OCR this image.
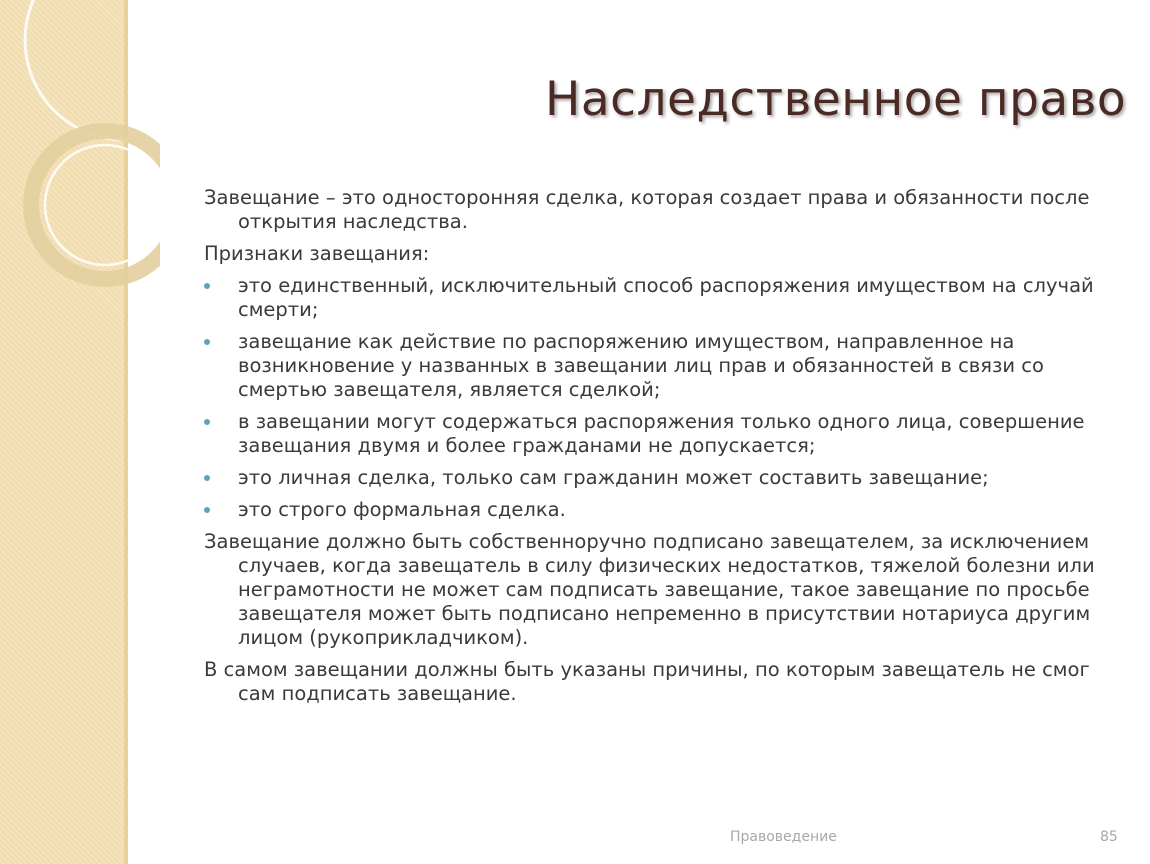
Наследственное право

Завещание – это односторонняя сделка, которая создает права и обязанности после открытия наследства.

Признаки завещания:

это единственный, исключительный способ распоряжения имуществом на случай смерти;
завещание как действие по распоряжению имуществом, направленное на возникновение у названных в завещании лиц прав и обязанностей в связи со смертью завещателя, является сделкой;
в завещании могут содержаться распоряжения только одного лица, совершение завещания двумя и более гражданами не допускается;
это личная сделка, только сам гражданин может составить завещание;
это строго формальная сделка.

Завещание должно быть собственноручно подписано завещателем, за исключением случаев, когда завещатель в силу физических недостатков, тяжелой болезни или неграмотности не может сам подписать завещание, такое завещание по просьбе завещателя может быть подписано непременно в присутствии нотариуса другим лицом (рукоприкладчиком).

В самом завещании должны быть указаны причины, по которым завещатель не смог сам подписать завещание.

Правоведение	85
